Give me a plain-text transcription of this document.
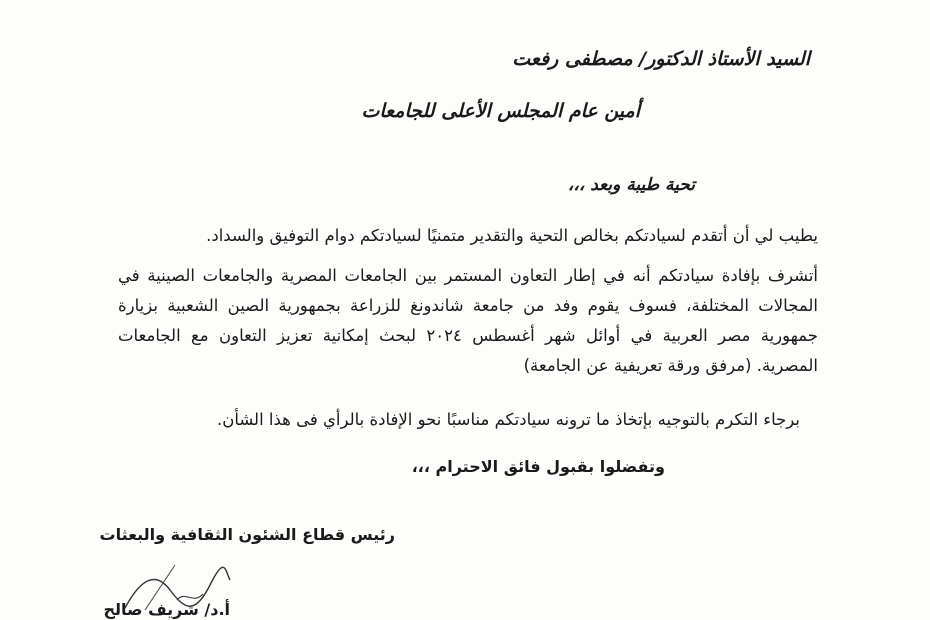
السيد الأستاذ الدكتور/ مصطفى رفعت
أمين عام المجلس الأعلى للجامعات
تحية طيبة وبعد ،،،
يطيب لي أن أتقدم لسيادتكم بخالص التحية والتقدير متمنيًا لسيادتكم دوام التوفيق والسداد.
أتشرف بإفادة سيادتكم أنه في إطار التعاون المستمر بين الجامعات المصرية والجامعات الصينية في
المجالات المختلفة، فسوف يقوم وفد من جامعة شاندونغ للزراعة بجمهورية الصين الشعبية بزيارة
جمهورية مصر العربية في أوائل شهر أغسطس ٢٠٢٤ لبحث إمكانية تعزيز التعاون مع الجامعات
المصرية. (مرفق ورقة تعريفية عن الجامعة)
برجاء التكرم بالتوجيه بإتخاذ ما ترونه سيادتكم مناسبًا نحو الإفادة بالرأي فى هذا الشأن.
وتفضلوا بقبول فائق الاحترام ،،،
رئيس قطاع الشئون الثقافية والبعثات
أ.د/ شريف صالح
